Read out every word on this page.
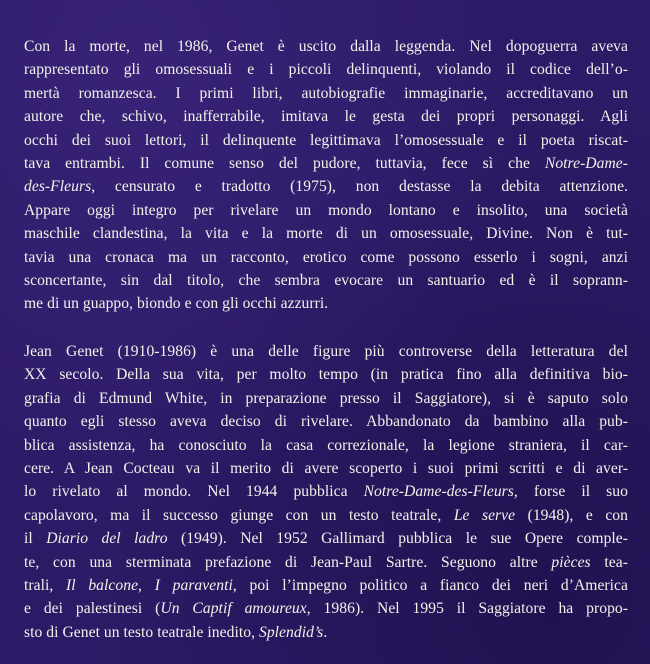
Con la morte, nel 1986, Genet è uscito dalla leggenda. Nel dopoguerra aveva
rappresentato gli omosessuali e i piccoli delinquenti, violando il codice dell’o-
mertà romanzesca. I primi libri, autobiografie immaginarie, accreditavano un
autore che, schivo, inafferrabile, imitava le gesta dei propri personaggi. Agli
occhi dei suoi lettori, il delinquente legittimava l’omosessuale e il poeta riscat-
tava entrambi. Il comune senso del pudore, tuttavia, fece sì che Notre-Dame-
des-Fleurs, censurato e tradotto (1975), non destasse la debita attenzione.
Appare oggi integro per rivelare un mondo lontano e insolito, una società
maschile clandestina, la vita e la morte di un omosessuale, Divine. Non è tut-
tavia una cronaca ma un racconto, erotico come possono esserlo i sogni, anzi
sconcertante, sin dal titolo, che sembra evocare un santuario ed è il soprann-
me di un guappo, biondo e con gli occhi azzurri.
Jean Genet (1910-1986) è una delle figure più controverse della letteratura del
XX secolo. Della sua vita, per molto tempo (in pratica fino alla definitiva bio-
grafia di Edmund White, in preparazione presso il Saggiatore), si è saputo solo
quanto egli stesso aveva deciso di rivelare. Abbandonato da bambino alla pub-
blica assistenza, ha conosciuto la casa correzionale, la legione straniera, il car-
cere. A Jean Cocteau va il merito di avere scoperto i suoi primi scritti e di aver-
lo rivelato al mondo. Nel 1944 pubblica Notre-Dame-des-Fleurs, forse il suo
capolavoro, ma il successo giunge con un testo teatrale, Le serve (1948), e con
il Diario del ladro (1949). Nel 1952 Gallimard pubblica le sue Opere comple-
te, con una sterminata prefazione di Jean-Paul Sartre. Seguono altre pièces tea-
trali, Il balcone, I paraventi, poi l’impegno politico a fianco dei neri d’America
e dei palestinesi (Un Captif amoureux, 1986). Nel 1995 il Saggiatore ha propo-
sto di Genet un testo teatrale inedito, Splendid’s.
